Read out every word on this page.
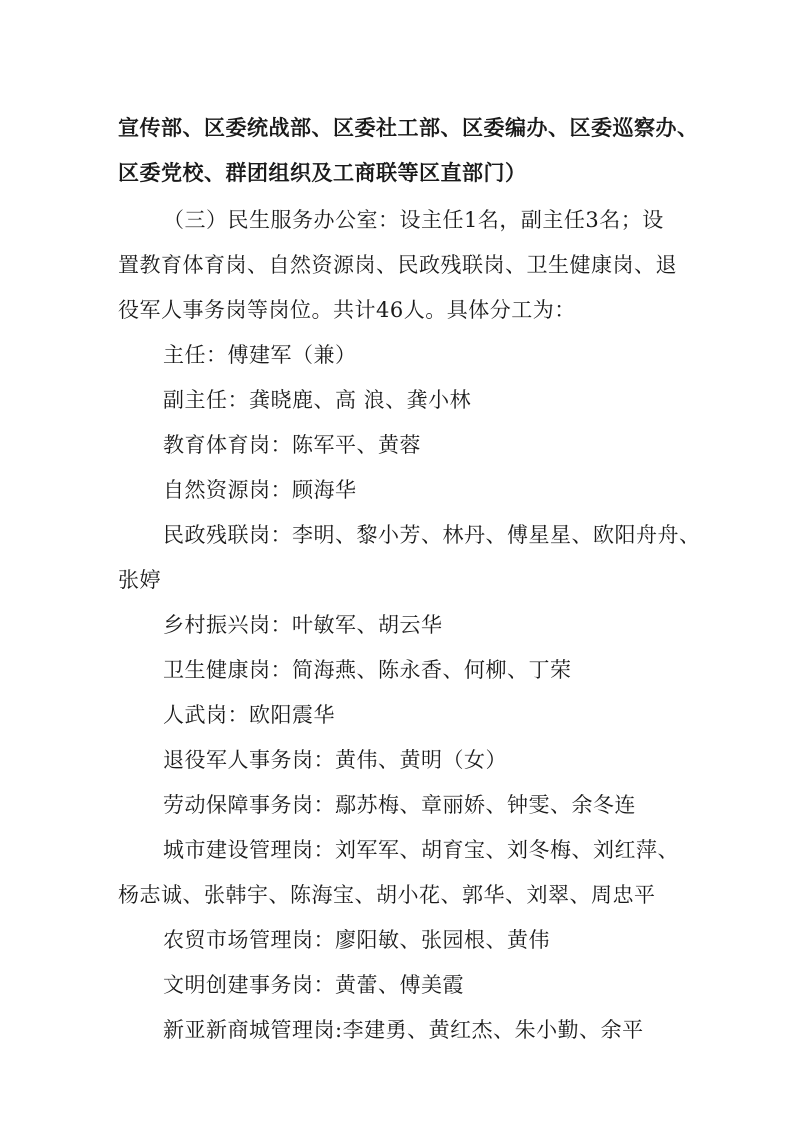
宣传部、区委统战部、区委社工部、区委编办、区委巡察办、
区委党校、群团组织及工商联等区直部门）
（三）民生服务办公室：设主任1名，副主任3名；设
置教育体育岗、自然资源岗、民政残联岗、卫生健康岗、退
役军人事务岗等岗位。共计46人。具体分工为：
主任：傅建军（兼）
副主任：龚晓鹿、高 浪、龚小林
教育体育岗：陈军平、黄蓉
自然资源岗：顾海华
民政残联岗：李明、黎小芳、林丹、傅星星、欧阳舟舟、
张婷
乡村振兴岗：叶敏军、胡云华
卫生健康岗：简海燕、陈永香、何柳、丁荣
人武岗：欧阳震华
退役军人事务岗：黄伟、黄明（女）
劳动保障事务岗：鄢苏梅、章丽娇、钟雯、余冬连
城市建设管理岗：刘军军、胡育宝、刘冬梅、刘红萍、
杨志诚、张韩宇、陈海宝、胡小花、郭华、刘翠、周忠平
农贸市场管理岗：廖阳敏、张园根、黄伟
文明创建事务岗：黄蕾、傅美霞
新亚新商城管理岗:李建勇、黄红杰、朱小勤、余平
